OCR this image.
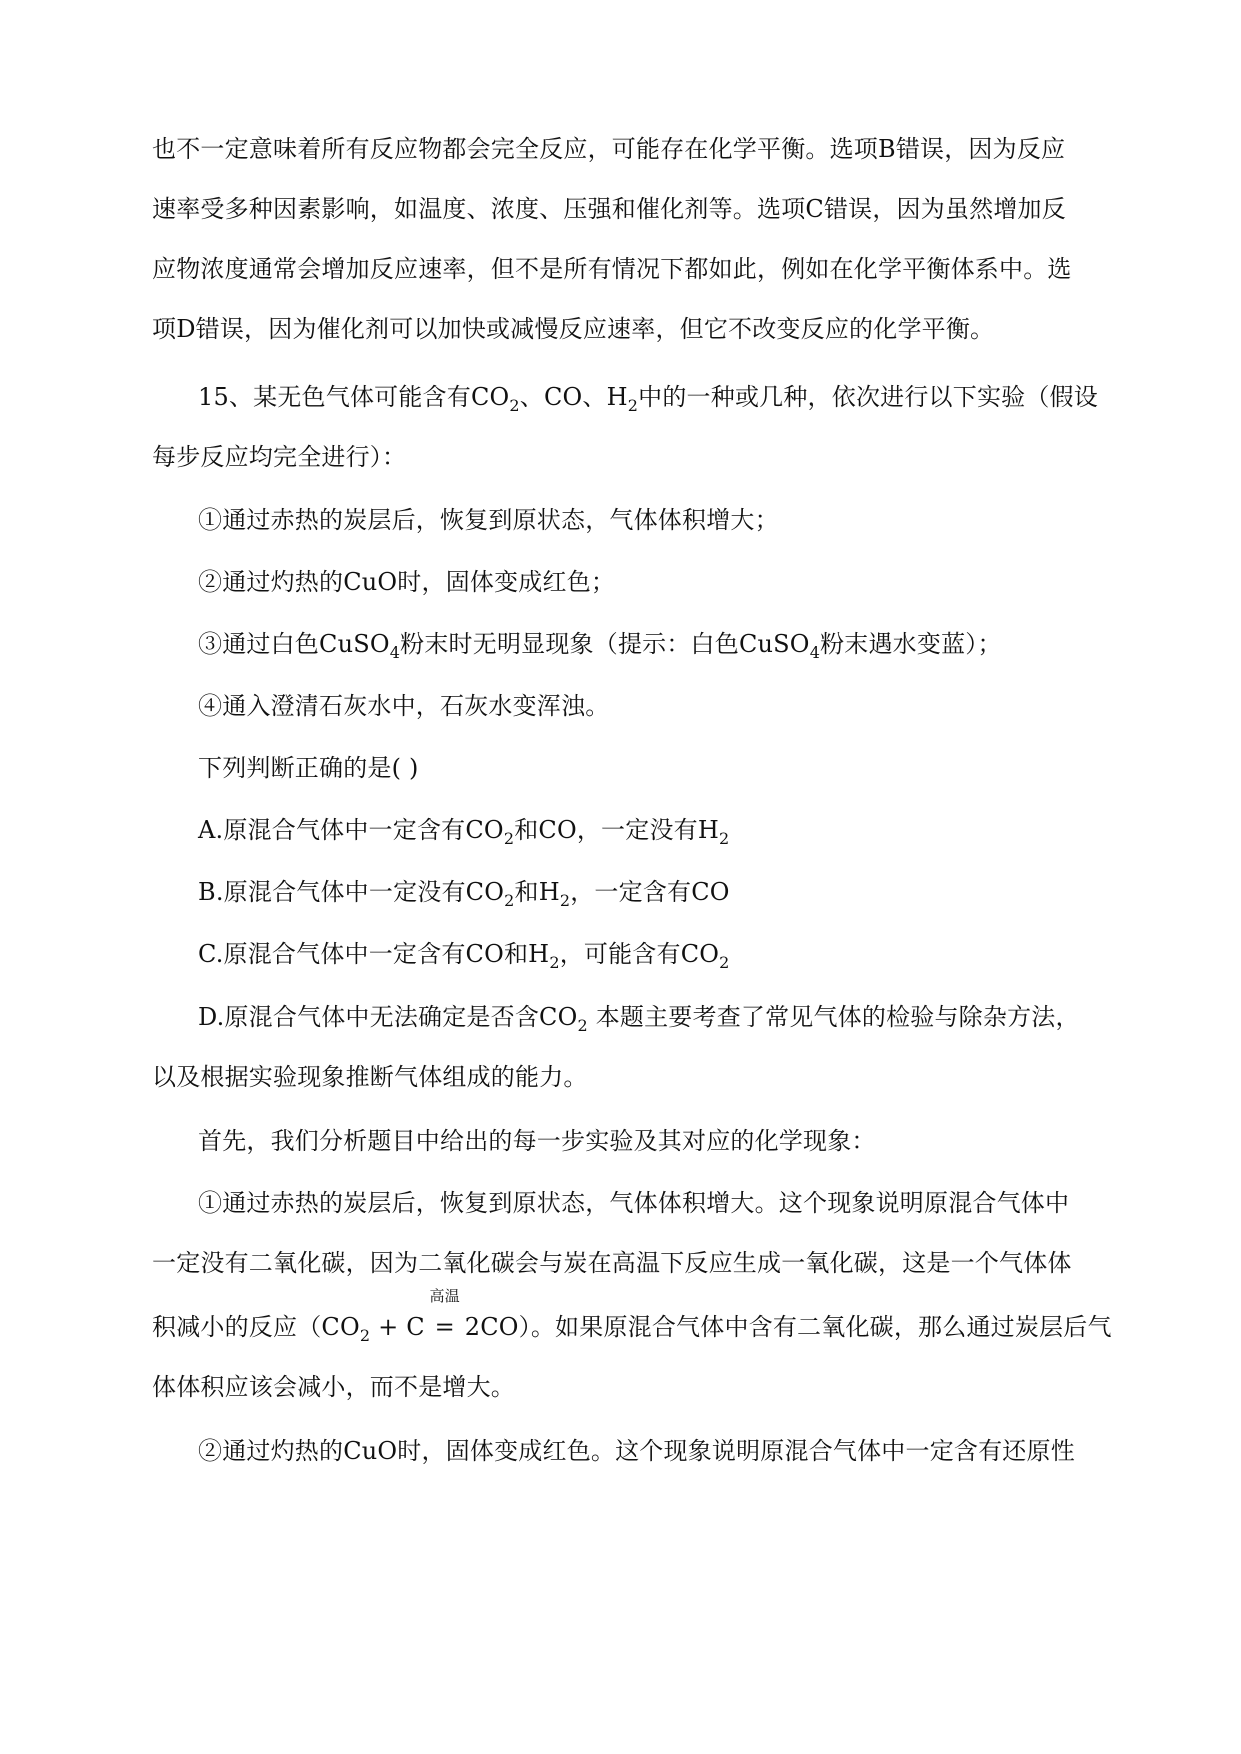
也不一定意味着所有反应物都会完全反应，可能存在化学平衡。选项B错误，因为反应
速率受多种因素影响，如温度、浓度、压强和催化剂等。选项C错误，因为虽然增加反
应物浓度通常会增加反应速率，但不是所有情况下都如此，例如在化学平衡体系中。选
项D错误，因为催化剂可以加快或减慢反应速率，但它不改变反应的化学平衡。
15、某无色气体可能含有$CO_2$、CO、$H_2$中的一种或几种，依次进行以下实验（假设
每步反应均完全进行）：
①通过赤热的炭层后，恢复到原状态，气体体积增大；
②通过灼热的CuO时，固体变成红色；
③通过白色CuSO$_4$粉末时无明显现象（提示：白色CuSO$_4$粉末遇水变蓝）；
④通入澄清石灰水中，石灰水变浑浊。
下列判断正确的是( )
A.原混合气体中一定含有$CO_2$和CO，一定没有$H_2$
B.原混合气体中一定没有$CO_2$和$H_2$，一定含有CO
C.原混合气体中一定含有CO和$H_2$，可能含有$CO_2$
D.原混合气体中无法确定是否含$CO_2$ 本题主要考查了常见气体的检验与除杂方法，
以及根据实验现象推断气体组成的能力。
首先，我们分析题目中给出的每一步实验及其对应的化学现象：
①通过赤热的炭层后，恢复到原状态，气体体积增大。这个现象说明原混合气体中
一定没有二氧化碳，因为二氧化碳会与炭在高温下反应生成一氧化碳，这是一个气体体
积减小的反应（$CO_2 + C$
高温
= 2CO）。如果原混合气体中含有二氧化碳，那么通过炭层后气
体体积应该会减小，而不是增大。
②通过灼热的CuO时，固体变成红色。这个现象说明原混合气体中一定含有还原性
